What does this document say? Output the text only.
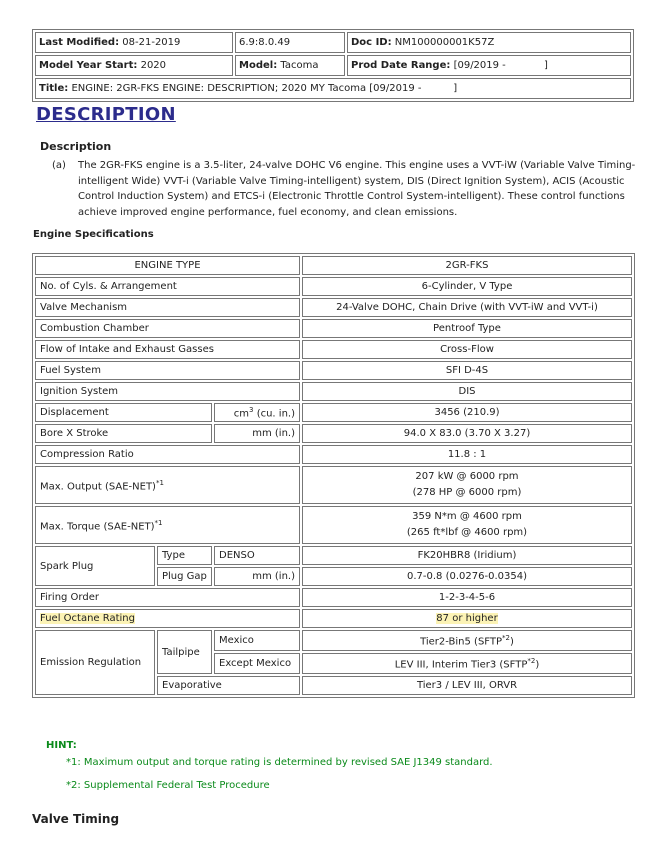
Last Modified: 08-21-2019	6.9:8.0.49	Doc ID: NM100000001K57Z
Model Year Start: 2020	Model: Tacoma	Prod Date Range: [09/2019 -            ]
Title: ENGINE: 2GR-FKS ENGINE: DESCRIPTION; 2020 MY Tacoma [09/2019 -          ]		
DESCRIPTION
Description
(a)	The 2GR-FKS engine is a 3.5-liter, 24-valve DOHC V6 engine. This engine uses a VVT-iW (Variable Valve Timing-intelligent Wide) VVT-i (Variable Valve Timing-intelligent) system, DIS (Direct Ignition System), ACIS (Acoustic Control Induction System) and ETCS-i (Electronic Throttle Control System-intelligent). These control functions achieve improved engine performance, fuel economy, and clean emissions.
Engine Specifications
ENGINE TYPE			2GR-FKS
No. of Cyls. & Arrangement			6-Cylinder, V Type
Valve Mechanism			24-Valve DOHC, Chain Drive (with VVT-iW and VVT-i)
Combustion Chamber			Pentroof Type
Flow of Intake and Exhaust Gasses			Cross-Flow
Fuel System			SFI D-4S
Ignition System			DIS
Displacement		$cm^3$ (cu. in.)	3456 (210.9)
Bore X Stroke		mm (in.)	94.0 X 83.0 (3.70 X 3.27)
Compression Ratio			11.8 : 1
Max. Output $(SAE-NET)^{*1}$			207 kW @ 6000 rpm
(278 HP @ 6000 rpm)

Max. Torque $(SAE-NET)^{*1}$			359 N*m @ 4600 rpm
(265 ft*lbf @ 4600 rpm)

Spark Plug	Type	DENSO	FK20HBR8 (Iridium)
	Plug Gap	mm (in.)	0.7-0.8 (0.0276-0.0354)
Firing Order			1-2-3-4-5-6
Fuel Octane Rating			87 or higher
Emission Regulation	Tailpipe	Mexico	Tier2-Bin5 (SFTP$^{*2}$)
		Except Mexico	LEV III, Interim Tier3 (SFTP$^{*2}$)
	Evaporative		Tier3 / LEV III, ORVR
HINT:
*1: Maximum output and torque rating is determined by revised SAE J1349 standard.
*2: Supplemental Federal Test Procedure
Valve Timing
